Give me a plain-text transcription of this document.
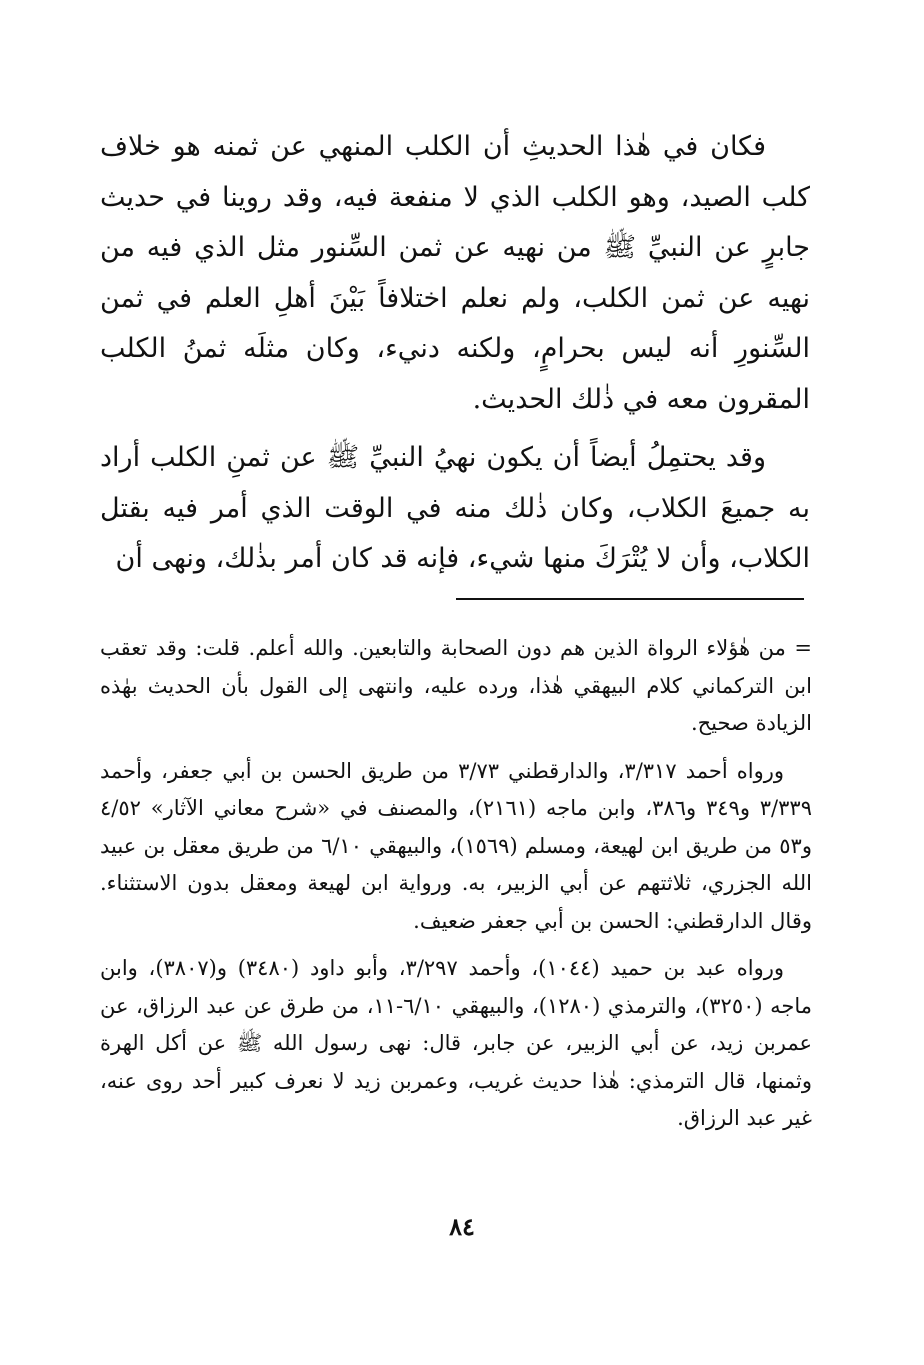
فكان في هٰذا الحديثِ أن الكلب المنهي عن ثمنه هو خلاف كلب الصيد، وهو الكلب الذي لا منفعة فيه، وقد روينا في حديث جابرٍ عن النبيِّ ﷺ من نهيه عن ثمن السِّنور مثل الذي فيه من نهيه عن ثمن الكلب، ولم نعلم اختلافاً بَيْنَ أهلِ العلم في ثمن السِّنورِ أنه ليس بحرامٍ، ولكنه دنيء، وكان مثلَه ثمنُ الكلب المقرون معه في ذٰلك الحديث.

وقد يحتمِلُ أيضاً أن يكون نهيُ النبيِّ ﷺ عن ثمنِ الكلب أراد به جميعَ الكلاب، وكان ذٰلك منه في الوقت الذي أمر فيه بقتل الكلاب، وأن لا يُتْرَكَ منها شيء، فإنه قد كان أمر بذٰلك، ونهى أن

= من هٰؤلاء الرواة الذين هم دون الصحابة والتابعين. والله أعلم. قلت: وقد تعقب ابن التركماني كلام البيهقي هٰذا، ورده عليه، وانتهى إلى القول بأن الحديث بهٰذه الزيادة صحيح.

ورواه أحمد ٣/٣١٧، والدارقطني ٣/٧٣ من طريق الحسن بن أبي جعفر، وأحمد ٣/٣٣٩ و٣٤٩ و٣٨٦، وابن ماجه (٢١٦١)، والمصنف في «شرح معاني الآثار» ٤/٥٢ و٥٣ من طريق ابن لهيعة، ومسلم (١٥٦٩)، والبيهقي ٦/١٠ من طريق معقل بن عبيد الله الجزري، ثلاثتهم عن أبي الزبير، به. ورواية ابن لهيعة ومعقل بدون الاستثناء. وقال الدارقطني: الحسن بن أبي جعفر ضعيف.

ورواه عبد بن حميد (١٠٤٤)، وأحمد ٣/٢٩٧، وأبو داود (٣٤٨٠) و(٣٨٠٧)، وابن ماجه (٣٢٥٠)، والترمذي (١٢٨٠)، والبيهقي ٦/١٠-١١، من طرق عن عبد الرزاق، عن عمربن زيد، عن أبي الزبير، عن جابر، قال: نهى رسول الله ﷺ عن أكل الهرة وثمنها، قال الترمذي: هٰذا حديث غريب، وعمربن زيد لا نعرف كبير أحد روى عنه، غير عبد الرزاق.

٨٤
